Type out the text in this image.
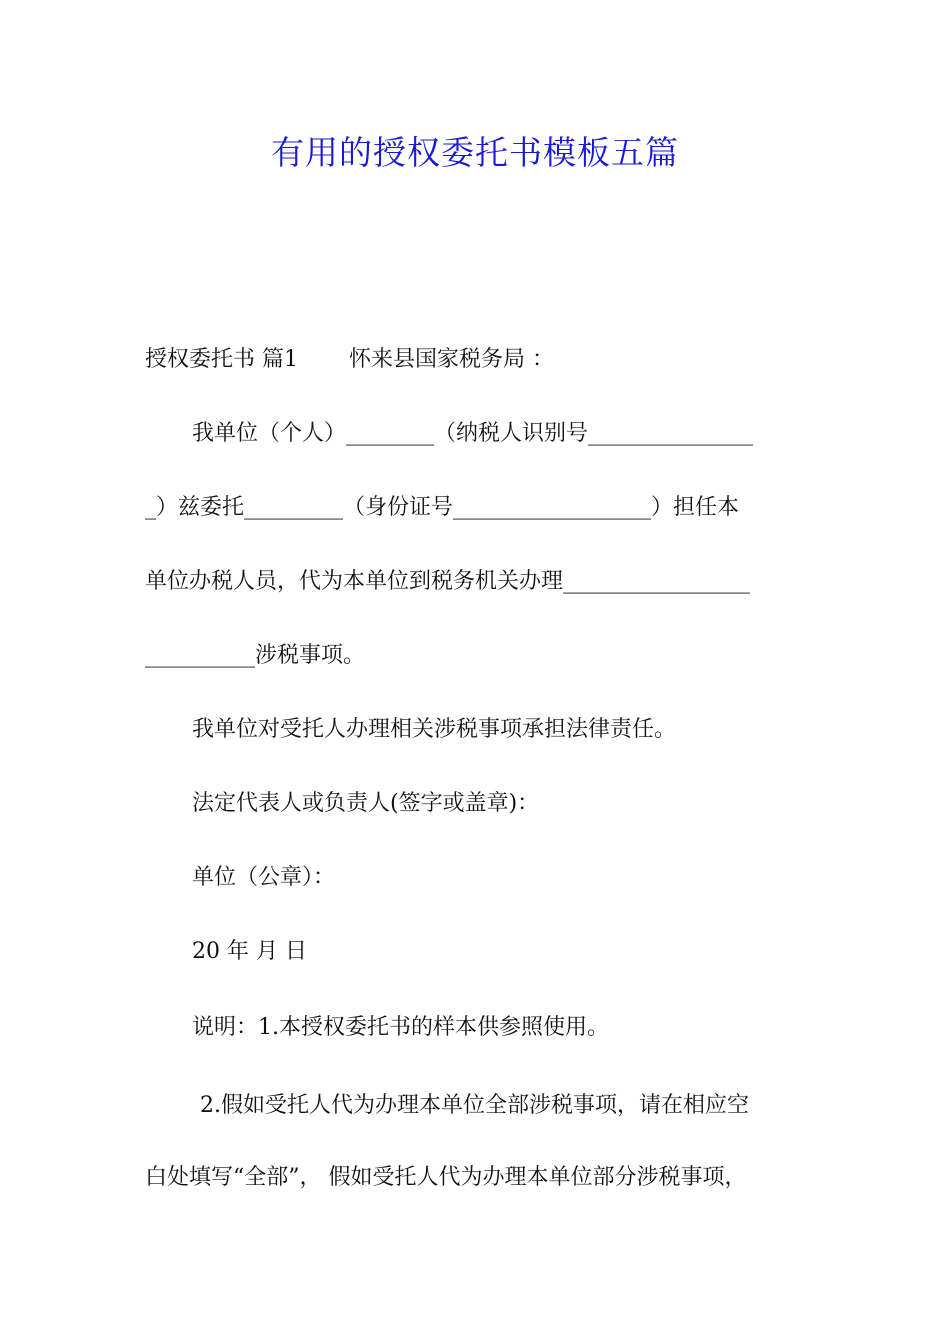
有用的授权委托书模板五篇
授权委托书 篇1　　 怀来县国家税务局 ：
我单位（个人）________（纳税人识别号_______________
_）兹委托_________（身份证号__________________）担任本
单位办税人员，代为本单位到税务机关办理_________________
__________涉税事项。
我单位对受托人办理相关涉税事项承担法律责任。
法定代表人或负责人(签字或盖章)：
单位（公章）：
20 年 月 日
说明：1.本授权委托书的样本供参照使用。
2.假如受托人代为办理本单位全部涉税事项，请在相应空
白处填写“全部”， 假如受托人代为办理本单位部分涉税事项，
